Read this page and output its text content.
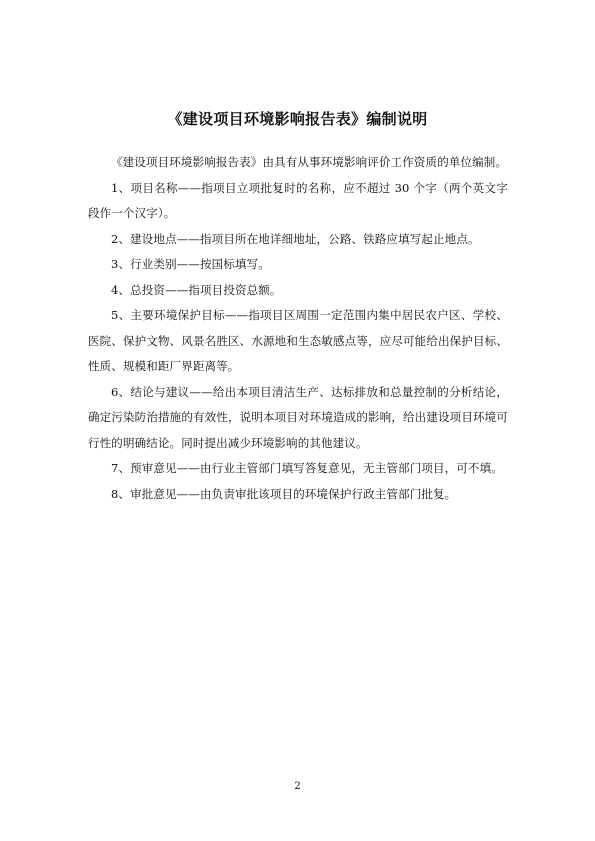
《建设项目环境影响报告表》编制说明

《建设项目环境影响报告表》由具有从事环境影响评价工作资质的单位编制。

1、项目名称——指项目立项批复时的名称，应不超过 30 个字（两个英文字段作一个汉字）。

2、建设地点——指项目所在地详细地址，公路、铁路应填写起止地点。

3、行业类别——按国标填写。

4、总投资——指项目投资总额。

5、主要环境保护目标——指项目区周围一定范围内集中居民农户区、学校、医院、保护文物、风景名胜区、水源地和生态敏感点等，应尽可能给出保护目标、性质、规模和距厂界距离等。

6、结论与建议——给出本项目清洁生产、达标排放和总量控制的分析结论，确定污染防治措施的有效性，说明本项目对环境造成的影响，给出建设项目环境可行性的明确结论。同时提出减少环境影响的其他建议。

7、预审意见——由行业主管部门填写答复意见，无主管部门项目，可不填。

8、审批意见——由负责审批该项目的环境保护行政主管部门批复。

2
